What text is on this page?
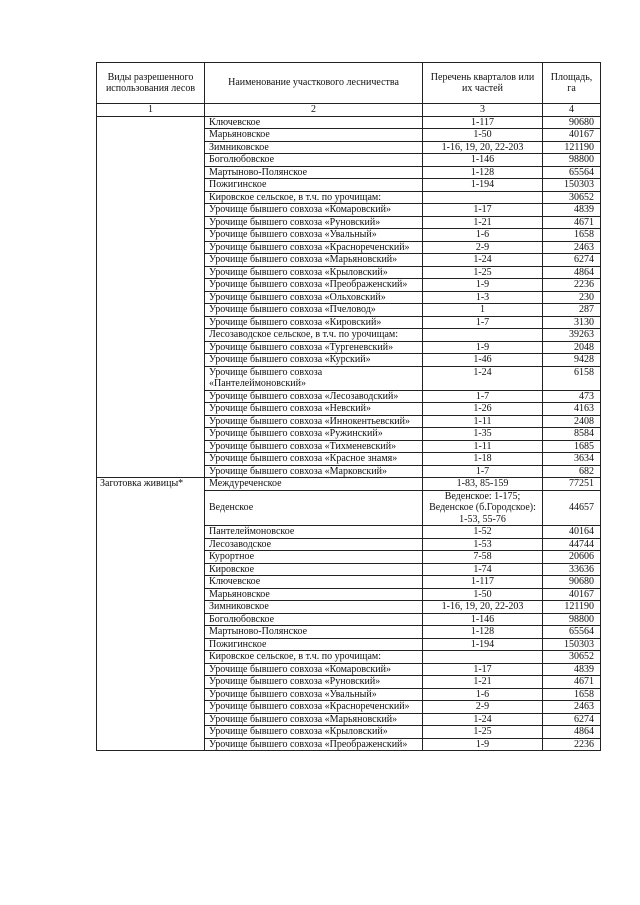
Виды разрешенного использования лесов	Наименование участкового лесничества	Перечень кварталов или их частей	Площадь, га
1	2	3	4
	Ключевское	1-117	90680
	Марьяновское	1-50	40167
	Зимниковское	1-16, 19, 20, 22-203	121190
	Боголюбовское	1-146	98800
	Мартыново-Полянское	1-128	65564
	Пожигинское	1-194	150303
	Кировское сельское, в т.ч. по урочищам:		30652
	Урочище бывшего совхоза «Комаровский»	1-17	4839
	Урочище бывшего совхоза «Руновский»	1-21	4671
	Урочище бывшего совхоза «Увальный»	1-6	1658
	Урочище бывшего совхоза «Краснореченский»	2-9	2463
	Урочище бывшего совхоза «Марьяновский»	1-24	6274
	Урочище бывшего совхоза «Крыловский»	1-25	4864
	Урочище бывшего совхоза «Преображенский»	1-9	2236
	Урочище бывшего совхоза «Ольховский»	1-3	230
	Урочище бывшего совхоза «Пчеловод»	1	287
	Урочище бывшего совхоза «Кировский»	1-7	3130
	Лесозаводское сельское, в т.ч. по урочищам:		39263
	Урочище бывшего совхоза «Тургеневский»	1-9	2048
	Урочище бывшего совхоза «Курский»	1-46	9428
	Урочище бывшего совхоза «Пантелеймоновский»	1-24	6158
	Урочище бывшего совхоза «Лесозаводский»	1-7	473
	Урочище бывшего совхоза «Невский»	1-26	4163
	Урочище бывшего совхоза «Иннокентьевский»	1-11	2408
	Урочище бывшего совхоза «Ружинский»	1-35	8584
	Урочище бывшего совхоза «Тихменевский»	1-11	1685
	Урочище бывшего совхоза «Красное знамя»	1-18	3634
	Урочище бывшего совхоза «Марковский»	1-7	682
Заготовка живицы*	Междуреченское	1-83, 85-159	77251
	Веденское	Веденское: 1-175; Веденское (б.Городское): 1-53, 55-76	44657
	Пантелеймоновское	1-52	40164
	Лесозаводское	1-53	44744
	Курортное	7-58	20606
	Кировское	1-74	33636
	Ключевское	1-117	90680
	Марьяновское	1-50	40167
	Зимниковское	1-16, 19, 20, 22-203	121190
	Боголюбовское	1-146	98800
	Мартыново-Полянское	1-128	65564
	Пожигинское	1-194	150303
	Кировское сельское, в т.ч. по урочищам:		30652
	Урочище бывшего совхоза «Комаровский»	1-17	4839
	Урочище бывшего совхоза «Руновский»	1-21	4671
	Урочище бывшего совхоза «Увальный»	1-6	1658
	Урочище бывшего совхоза «Краснореченский»	2-9	2463
	Урочище бывшего совхоза «Марьяновский»	1-24	6274
	Урочище бывшего совхоза «Крыловский»	1-25	4864
	Урочище бывшего совхоза «Преображенский»	1-9	2236
